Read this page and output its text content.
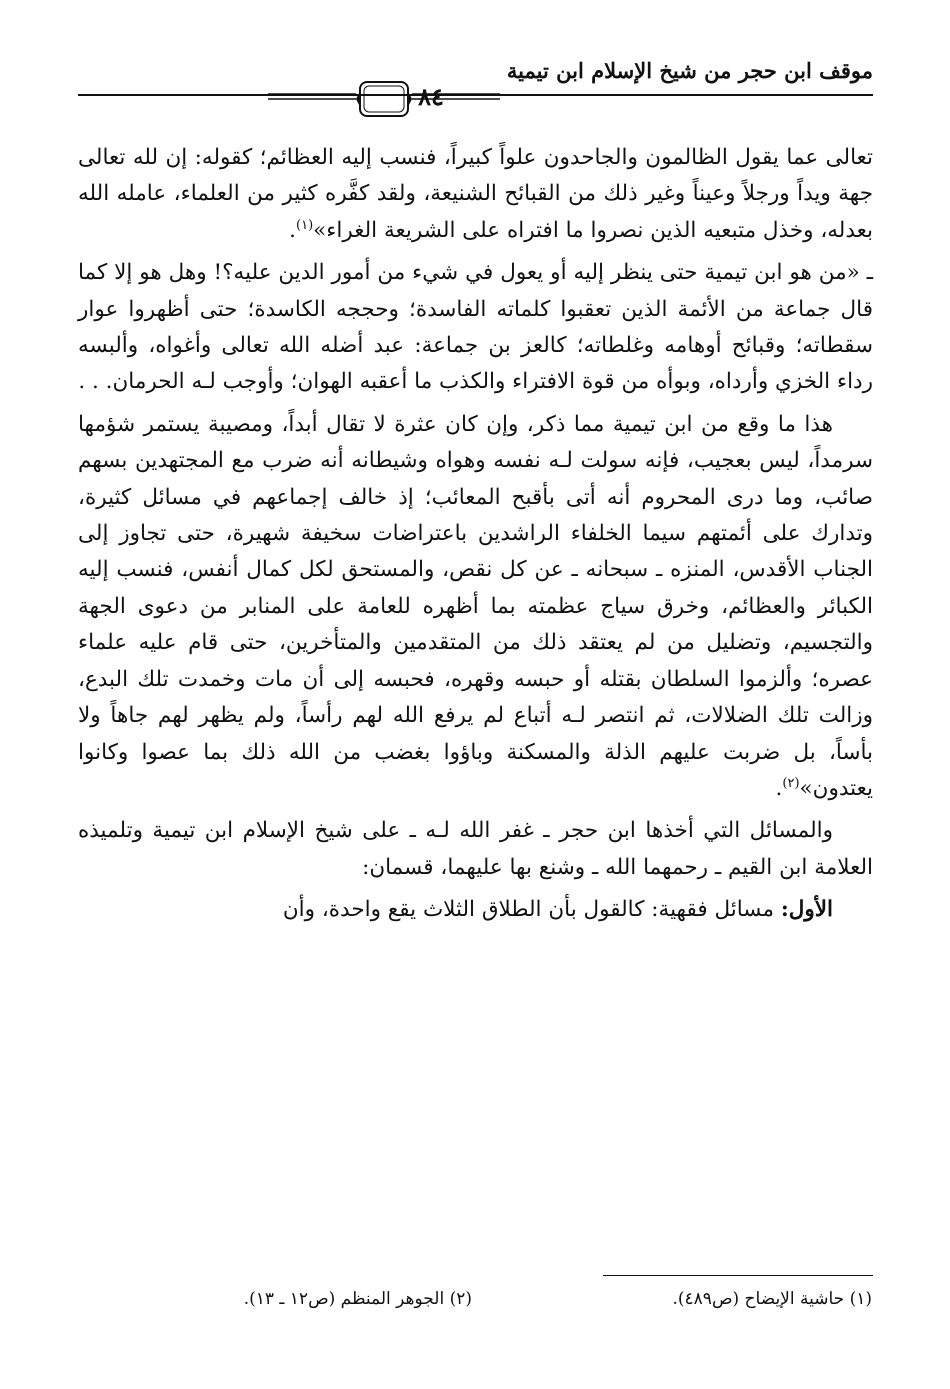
موقف ابن حجر من شيخ الإسلام ابن تيمية
٨٤

تعالى عما يقول الظالمون والجاحدون علواً كبيراً، فنسب إليه العظائم؛ كقوله: إن لله تعالى جهة ويداً ورجلاً وعيناً وغير ذلك من القبائح الشنيعة، ولقد كفَّره كثير من العلماء، عامله الله بعدله، وخذل متبعيه الذين نصروا ما افتراه على الشريعة الغراء»$^{(١)}$.

ـ «من هو ابن تيمية حتى ينظر إليه أو يعول في شيء من أمور الدين عليه؟! وهل هو إلا كما قال جماعة من الأئمة الذين تعقبوا كلماته الفاسدة؛ وحججه الكاسدة؛ حتى أظهروا عوار سقطاته؛ وقبائح أوهامه وغلطاته؛ كالعز بن جماعة: عبد أضله الله تعالى وأغواه، وألبسه رداء الخزي وأرداه، وبوأه من قوة الافتراء والكذب ما أعقبه الهوان؛ وأوجب لـه الحرمان. . .

هذا ما وقع من ابن تيمية مما ذكر، وإن كان عثرة لا تقال أبداً، ومصيبة يستمر شؤمها سرمداً، ليس بعجيب، فإنه سولت لـه نفسه وهواه وشيطانه أنه ضرب مع المجتهدين بسهم صائب، وما درى المحروم أنه أتى بأقبح المعائب؛ إذ خالف إجماعهم في مسائل كثيرة، وتدارك على أئمتهم سيما الخلفاء الراشدين باعتراضات سخيفة شهيرة، حتى تجاوز إلى الجناب الأقدس، المنزه ـ سبحانه ـ عن كل نقص، والمستحق لكل كمال أنفس، فنسب إليه الكبائر والعظائم، وخرق سياج عظمته بما أظهره للعامة على المنابر من دعوى الجهة والتجسيم، وتضليل من لم يعتقد ذلك من المتقدمين والمتأخرين، حتى قام عليه علماء عصره؛ وألزموا السلطان بقتله أو حبسه وقهره، فحبسه إلى أن مات وخمدت تلك البدع، وزالت تلك الضلالات، ثم انتصر لـه أتباع لم يرفع الله لهم رأساً، ولم يظهر لهم جاهاً ولا بأساً، بل ضربت عليهم الذلة والمسكنة وباؤوا بغضب من الله ذلك بما عصوا وكانوا يعتدون»$^{(٢)}$.

والمسائل التي أخذها ابن حجر ـ غفر الله لـه ـ على شيخ الإسلام ابن تيمية وتلميذه العلامة ابن القيم ـ رحمهما الله ـ وشنع بها عليهما، قسمان:

الأول: مسائل فقهية: كالقول بأن الطلاق الثلاث يقع واحدة، وأن

(١) حاشية الإيضاح (ص٤٨٩).
(٢) الجوهر المنظم (ص١٢ ـ ١٣).
